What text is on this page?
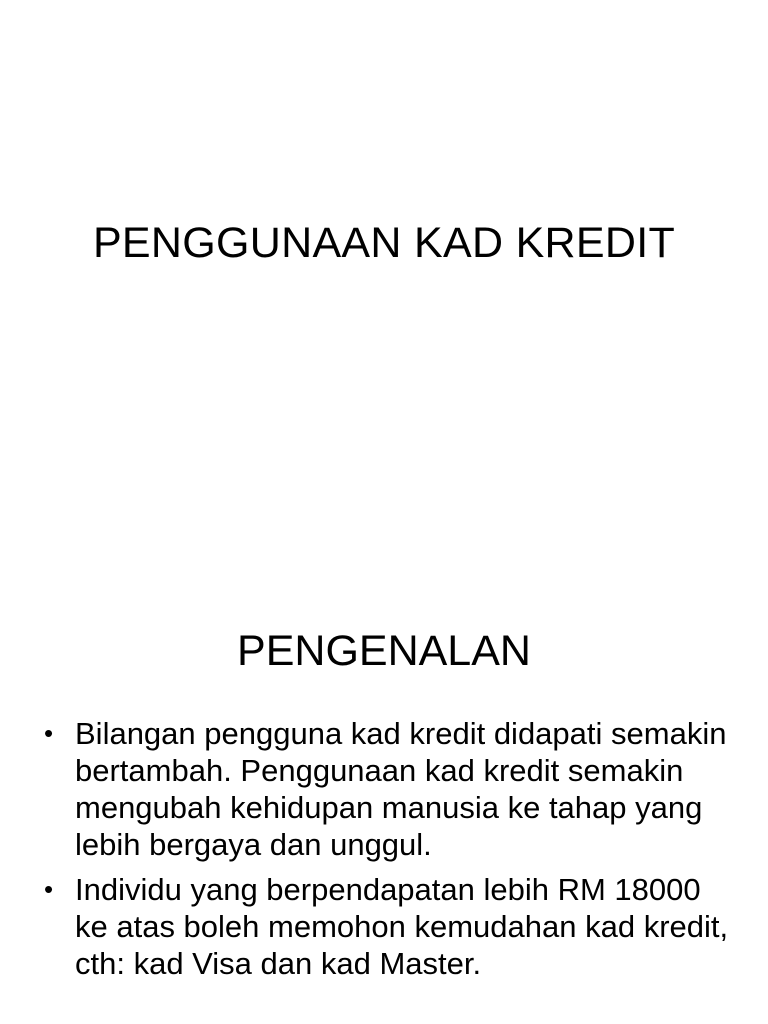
PENGGUNAAN KAD KREDIT
PENGENALAN
• Bilangan pengguna kad kredit didapati semakin bertambah. Penggunaan kad kredit semakin mengubah kehidupan manusia ke tahap yang lebih bergaya dan unggul.
• Individu yang berpendapatan lebih RM 18000 ke atas boleh memohon kemudahan kad kredit, cth: kad Visa dan kad Master.
